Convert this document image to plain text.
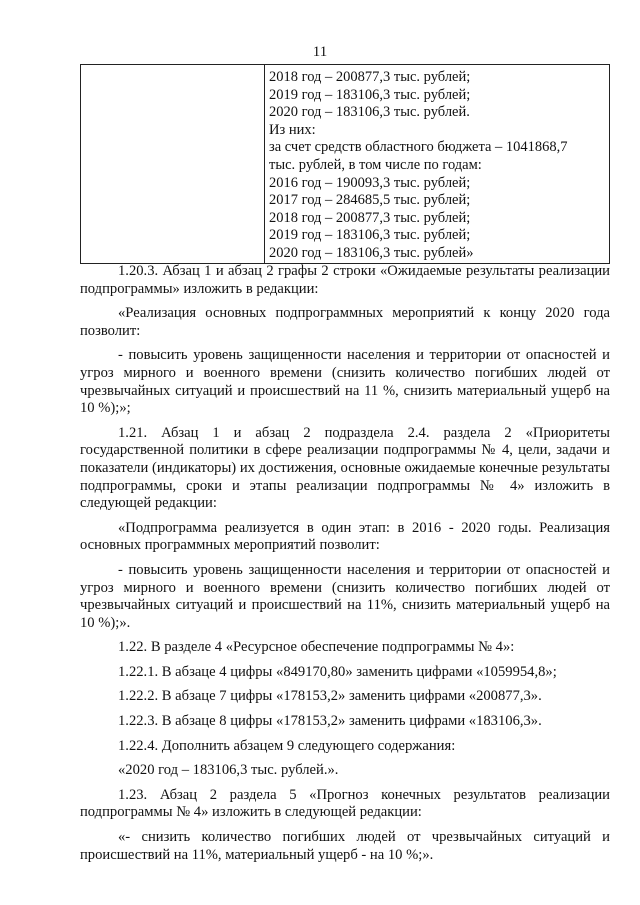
11
2018 год – 200877,3 тыс. рублей;
2019 год – 183106,3 тыс. рублей;
2020 год – 183106,3 тыс. рублей.
Из них:
за счет средств областного бюджета – 1041868,7
тыс. рублей, в том числе по годам:
2016 год – 190093,3 тыс. рублей;
2017 год – 284685,5 тыс. рублей;
2018 год – 200877,3 тыс. рублей;
2019 год – 183106,3 тыс. рублей;
2020 год – 183106,3 тыс. рублей»

1.20.3. Абзац 1 и абзац 2 графы 2 строки «Ожидаемые результаты реализации подпрограммы» изложить в редакции:

«Реализация основных подпрограммных мероприятий к концу 2020 года позволит:

- повысить уровень защищенности населения и территории от опасностей и угроз мирного и военного времени (снизить количество погибших людей от чрезвычайных ситуаций и происшествий на 11 %, снизить материальный ущерб на 10 %);»;

1.21. Абзац 1 и абзац 2 подраздела 2.4. раздела 2 «Приоритеты государственной политики в сфере реализации подпрограммы № 4, цели, задачи и показатели (индикаторы) их достижения, основные ожидаемые конечные результаты подпрограммы, сроки и этапы реализации подпрограммы № 4» изложить в следующей редакции:

«Подпрограмма реализуется в один этап: в 2016 - 2020 годы. Реализация основных программных мероприятий позволит:

- повысить уровень защищенности населения и территории от опасностей и угроз мирного и военного времени (снизить количество погибших людей от чрезвычайных ситуаций и происшествий на 11%, снизить материальный ущерб на 10 %);».

1.22. В разделе 4 «Ресурсное обеспечение подпрограммы № 4»:

1.22.1. В абзаце 4 цифры «849170,80» заменить цифрами «1059954,8»;

1.22.2. В абзаце 7 цифры «178153,2» заменить цифрами «200877,3».

1.22.3. В абзаце 8 цифры «178153,2» заменить цифрами «183106,3».

1.22.4. Дополнить абзацем 9 следующего содержания:

«2020 год – 183106,3 тыс. рублей.».

1.23. Абзац 2 раздела 5 «Прогноз конечных результатов реализации подпрограммы № 4» изложить в следующей редакции:

«- снизить количество погибших людей от чрезвычайных ситуаций и происшествий на 11%, материальный ущерб - на 10 %;».
